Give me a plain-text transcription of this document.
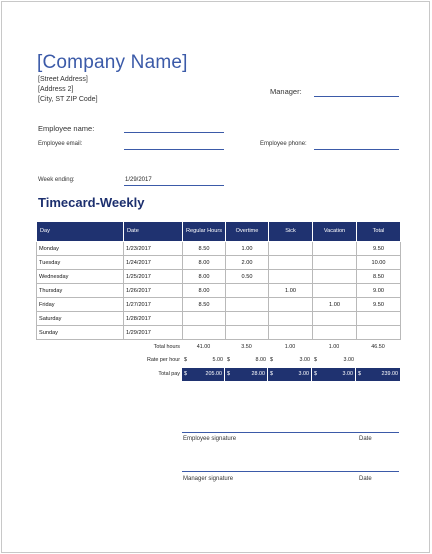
[Company Name]
[Street Address]
[Address 2]
[City, ST ZIP Code]
Manager:
Employee name:
Employee email:	Employee phone:
Week ending:	1/29/2017
Timecard-Weekly
Day	Date	Regular Hours	Overtime	Sick	Vacation	Total
Monday	1/23/2017	8.50	1.00			9.50
Tuesday	1/24/2017	8.00	2.00			10.00
Wednesday	1/25/2017	8.00	0.50			8.50
Thursday	1/26/2017	8.00		1.00		9.00
Friday	1/27/2017	8.50			1.00	9.50
Saturday	1/28/2017					
Sunday	1/29/2017					
Total hours	41.00	3.50	1.00	1.00	46.50
Rate per hour $	5.00 $	8.00 $	3.00 $	3.00
Total pay $	205.00 $	28.00 $	3.00 $	3.00 $	239.00
Employee signature	Date
Manager signature	Date
